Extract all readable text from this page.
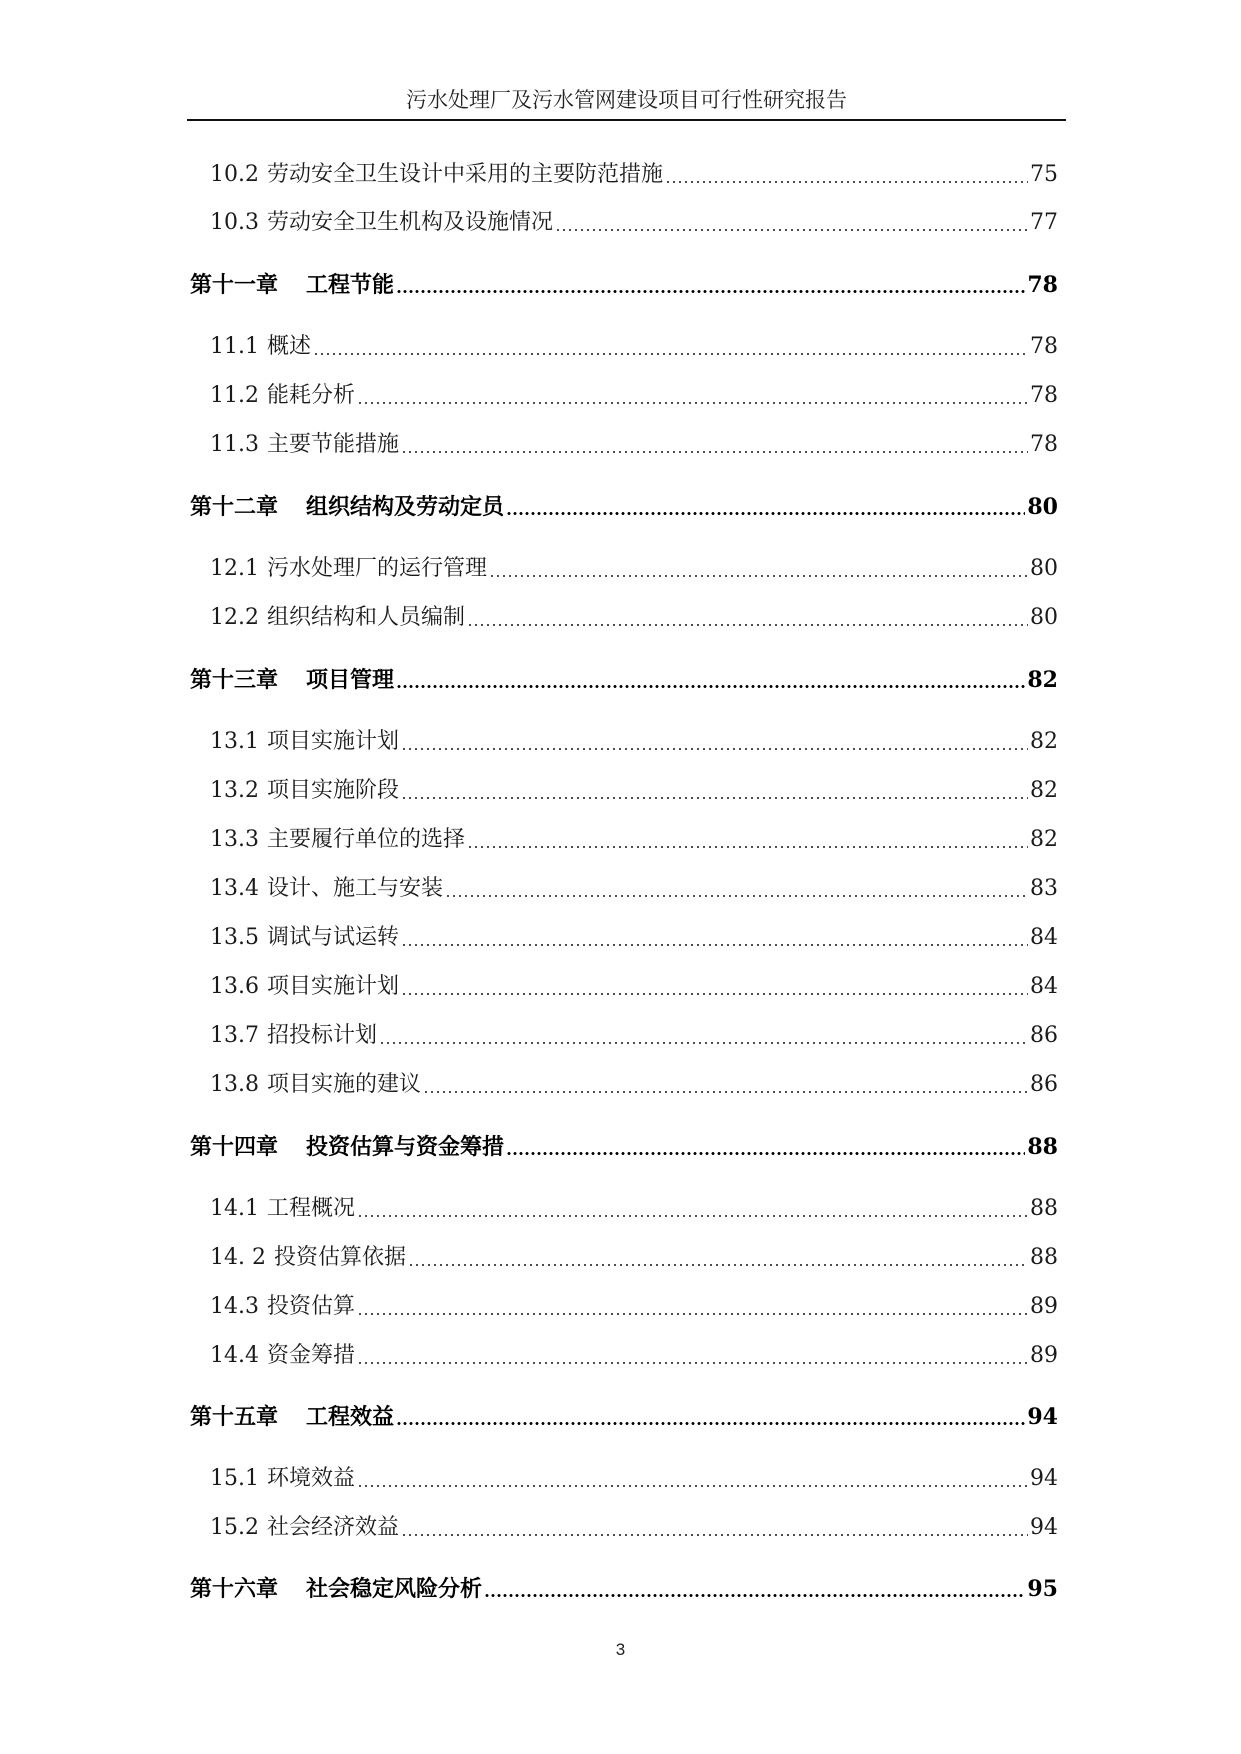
污水处理厂及污水管网建设项目可行性研究报告
10.2 劳动安全卫生设计中采用的主要防范措施	75
10.3 劳动安全卫生机构及设施情况	77
第十一章 工程节能	78
11.1 概述	78
11.2 能耗分析	78
11.3 主要节能措施	78
第十二章 组织结构及劳动定员	80
12.1 污水处理厂的运行管理	80
12.2 组织结构和人员编制	80
第十三章 项目管理	82
13.1 项目实施计划	82
13.2 项目实施阶段	82
13.3 主要履行单位的选择	82
13.4 设计、施工与安装	83
13.5 调试与试运转	84
13.6 项目实施计划	84
13.7 招投标计划	86
13.8 项目实施的建议	86
第十四章 投资估算与资金筹措	88
14.1 工程概况	88
14. 2 投资估算依据	88
14.3 投资估算	89
14.4 资金筹措	89
第十五章 工程效益	94
15.1 环境效益	94
15.2 社会经济效益	94
第十六章 社会稳定风险分析	95
3
